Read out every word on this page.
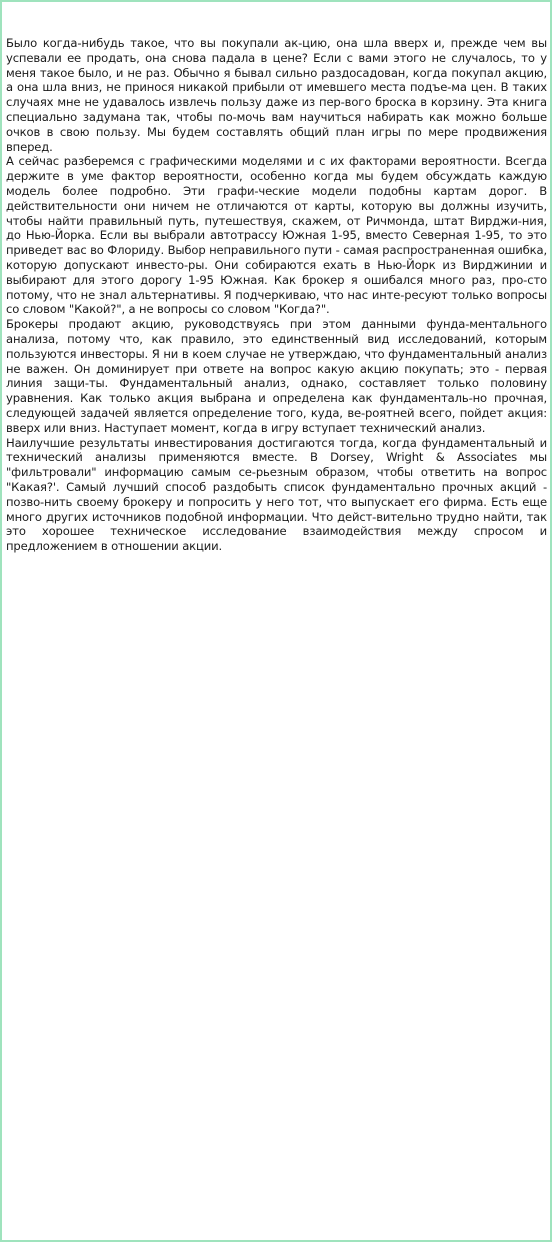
Было когда-нибудь такое, что вы покупали ак-цию, она шла вверх и, прежде чем вы успевали ее продать, она снова падала в цене? Если с вами этого не случалось, то у меня такое было, и не раз. Обычно я бывал сильно раздосадован, когда покупал акцию, а она шла вниз, не принося никакой прибыли от имевшего места подъе-ма цен. В таких случаях мне не удавалось извлечь пользу даже из пер-вого броска в корзину. Эта книга специально задумана так, чтобы по-мочь вам научиться набирать как можно больше очков в свою пользу. Мы будем составлять общий план игры по мере продвижения вперед.

А сейчас разберемся с графическими моделями и с их факторами вероятности. Всегда держите в уме фактор вероятности, особенно когда мы будем обсуждать каждую модель более подробно. Эти графи-ческие модели подобны картам дорог. В действительности они ничем не отличаются от карты, которую вы должны изучить, чтобы найти правильный путь, путешествуя, скажем, от Ричмонда, штат Вирджи-ния, до Нью-Йорка. Если вы выбрали автотрассу Южная 1-95, вместо Северная 1-95, то это приведет вас во Флориду. Выбор неправильного пути - самая распространенная ошибка, которую допускают инвесто-ры. Они собираются ехать в Нью-Йорк из Вирджинии и выбирают для этого дорогу 1-95 Южная. Как брокер я ошибался много раз, про-сто потому, что не знал альтернативы. Я подчеркиваю, что нас инте-ресуют только вопросы со словом "Какой?", а не вопросы со словом "Когда?".

Брокеры продают акцию, руководствуясь при этом данными фунда-ментального анализа, потому что, как правило, это единственный вид исследований, которым пользуются инвесторы. Я ни в коем случае не утверждаю, что фундаментальный анализ не важен. Он доминирует при ответе на вопрос какую акцию покупать; это - первая линия защи-ты. Фундаментальный анализ, однако, составляет только половину уравнения. Как только акция выбрана и определена как фундаменталь-но прочная, следующей задачей является определение того, куда, ве-роятней всего, пойдет акция: вверх или вниз. Наступает момент, когда в игру вступает технический анализ.

Наилучшие результаты инвестирования достигаются тогда, когда фундаментальный и технический анализы применяются вместе. В Dorsey, Wright & Associates мы "фильтровали" информацию самым се-рьезным образом, чтобы ответить на вопрос "Какая?'. Самый лучший способ раздобыть список фундаментально прочных акций - позво-нить своему брокеру и попросить у него тот, что выпускает его фирма. Есть еще много других источников подобной информации. Что дейст-вительно трудно найти, так это хорошее техническое исследование взаимодействия между спросом и предложением в отношении акции.
